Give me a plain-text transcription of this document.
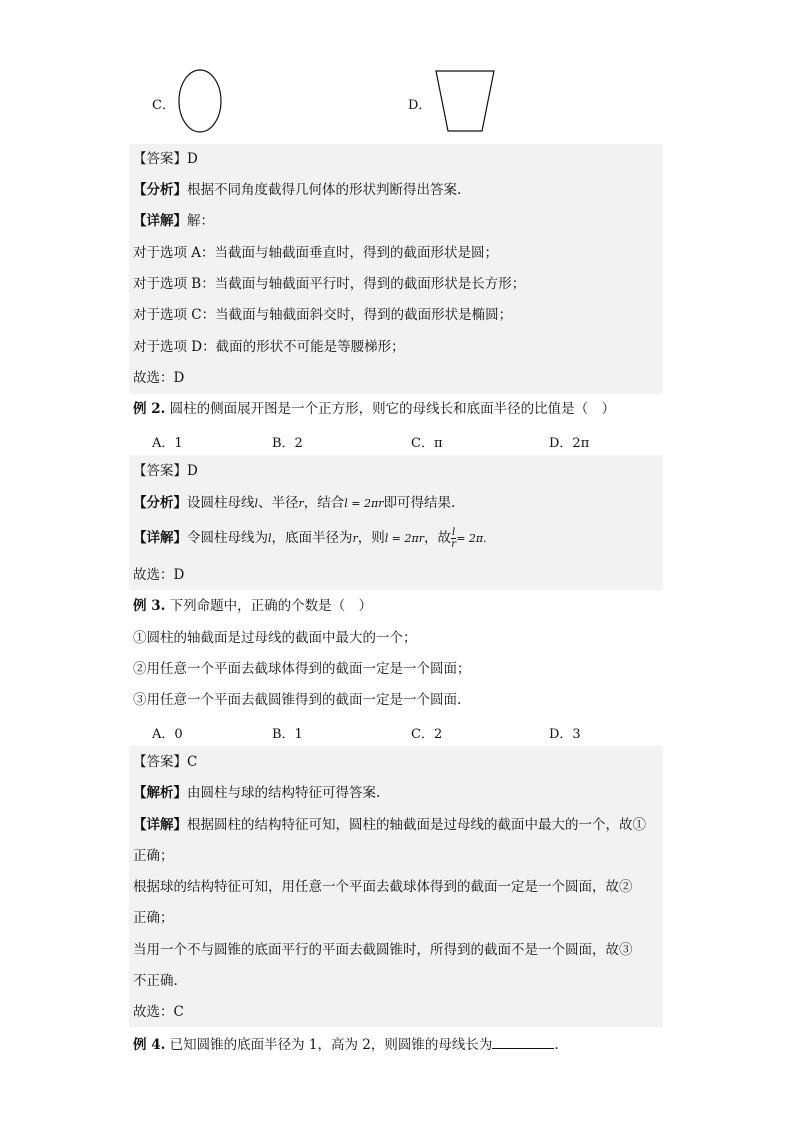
C．	D．
【答案】D
【分析】根据不同角度截得几何体的形状判断得出答案.
【详解】解：
对于选项 A：当截面与轴截面垂直时，得到的截面形状是圆；
对于选项 B：当截面与轴截面平行时，得到的截面形状是长方形；
对于选项 C：当截面与轴截面斜交时，得到的截面形状是椭圆；
对于选项 D：截面的形状不可能是等腰梯形；
故选：D
例 2. 圆柱的侧面展开图是一个正方形，则它的母线长和底面半径的比值是（　）
A．1	B．2	C．π	D．2π
【答案】D
【分析】设圆柱母线l、半径r，结合l = 2πr即可得结果.
【详解】令圆柱母线为l，底面半径为r，则l = 2πr，故 $\frac{l}{r} = 2\pi$.
故选：D
例 3. 下列命题中，正确的个数是（　）
①圆柱的轴截面是过母线的截面中最大的一个；
②用任意一个平面去截球体得到的截面一定是一个圆面；
③用任意一个平面去截圆锥得到的截面一定是一个圆面.
A．0	B．1	C．2	D．3
【答案】C
【解析】由圆柱与球的结构特征可得答案.
【详解】根据圆柱的结构特征可知，圆柱的轴截面是过母线的截面中最大的一个，故①
正确；
根据球的结构特征可知，用任意一个平面去截球体得到的截面一定是一个圆面，故②
正确；
当用一个不与圆锥的底面平行的平面去截圆锥时，所得到的截面不是一个圆面，故③
不正确.
故选：C
例 4. 已知圆锥的底面半径为 1，高为 2，则圆锥的母线长为	.
